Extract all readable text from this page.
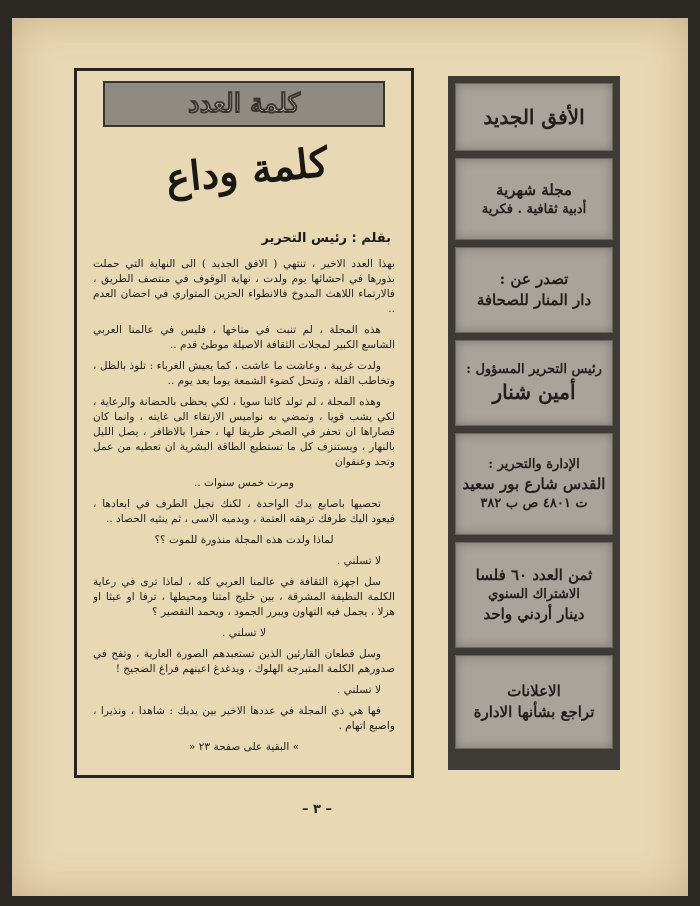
كلمة العدد
كلمة وداع
بقلم : رئيس التحرير

بهذا العدد الاخير ، تنتهي ( الافق الجديد ) الى النهاية التي حملت بذورها في احشائها يوم ولدت ، نهاية الوقوف في منتصف الطريق ، فالارتماء اللاهث المدوخ فالانطواء الحزين المتواري في احضان العدم ..

هذه المجلة ، لم تنبت في مناخها ، فليس في عالمنا العربي الشاسع الكبير لمجلات الثقافة الاصيلة موطئ قدم ..

ولدت غريبة ، وعاشت ما عاشت ، كما يعيش الغرباء : تلوذ بالظل ، وتخاطب القلة ، وتنحل كضوء الشمعة يوما بعد يوم ..

وهذه المجلة ، لم تولد كائنا سويا ، لكي يحظى بالحضانة والرعاية ، لكي يشب قويا ، وتمضي به نواميس الارتقاء الى غايته ، وانما كان قصاراها ان تحفر في الصخر طريقا لها ، حفرا بالاظافر ، يصل الليل بالنهار ، ويستنزف كل ما تستطيع الطاقة البشرية ان تعطيه من عمل وتحد وعنفوان

ومرت خمس سنوات ..

تحصيها باصابع يدك الواحدة ، لكنك تجيل الطرف في ابعادها ، فيعود اليك طرفك ترهقه العتمة ، ويدميه الاسى ، ثم ينثيه الحصاد ..

لماذا ولدت هذه المجلة منذورة للموت ؟؟

لا تسلني .

سل اجهزة الثقافة في عالمنا العربي كله ، لماذا ترى في رعاية الكلمة النظيفة المشرقة ، بين خليج امتنا ومحيطها ، ترفا او عبثا او هزلا ، يجمل فيه التهاون ويبرر الجمود ، ويحمد التقصير ؟

لا تسلني .

وسل قطعان القارئين الذين تستعبدهم الصورة العارية ، وتفح في صدورهم الكلمة المتبرجة الهلوك ، ويدغدغ اعينهم فراغ الضجيج !

لا تسلني .

فها هي ذي المجلة في عددها الاخير بين يديك : شاهدا ، ونذيرا ، واصبع اتهام .

» البقية على صفحة ٢٣ «

– ٣ –
الأفق الجديد
مجلة شهرية
أدبية ثقافية . فكرية
تصدر عن :
دار المنار للصحافة
رئيس التحرير المسؤول :
أمين شنار
الإدارة والتحرير :
القدس شارع بور سعيد
ت ٤٨٠١ ص ب ٣٨٢
ثمن العدد ٦٠ فلسا
الاشتراك السنوي
دينار أردني واحد
الاعلانات
تراجع بشأنها الادارة
